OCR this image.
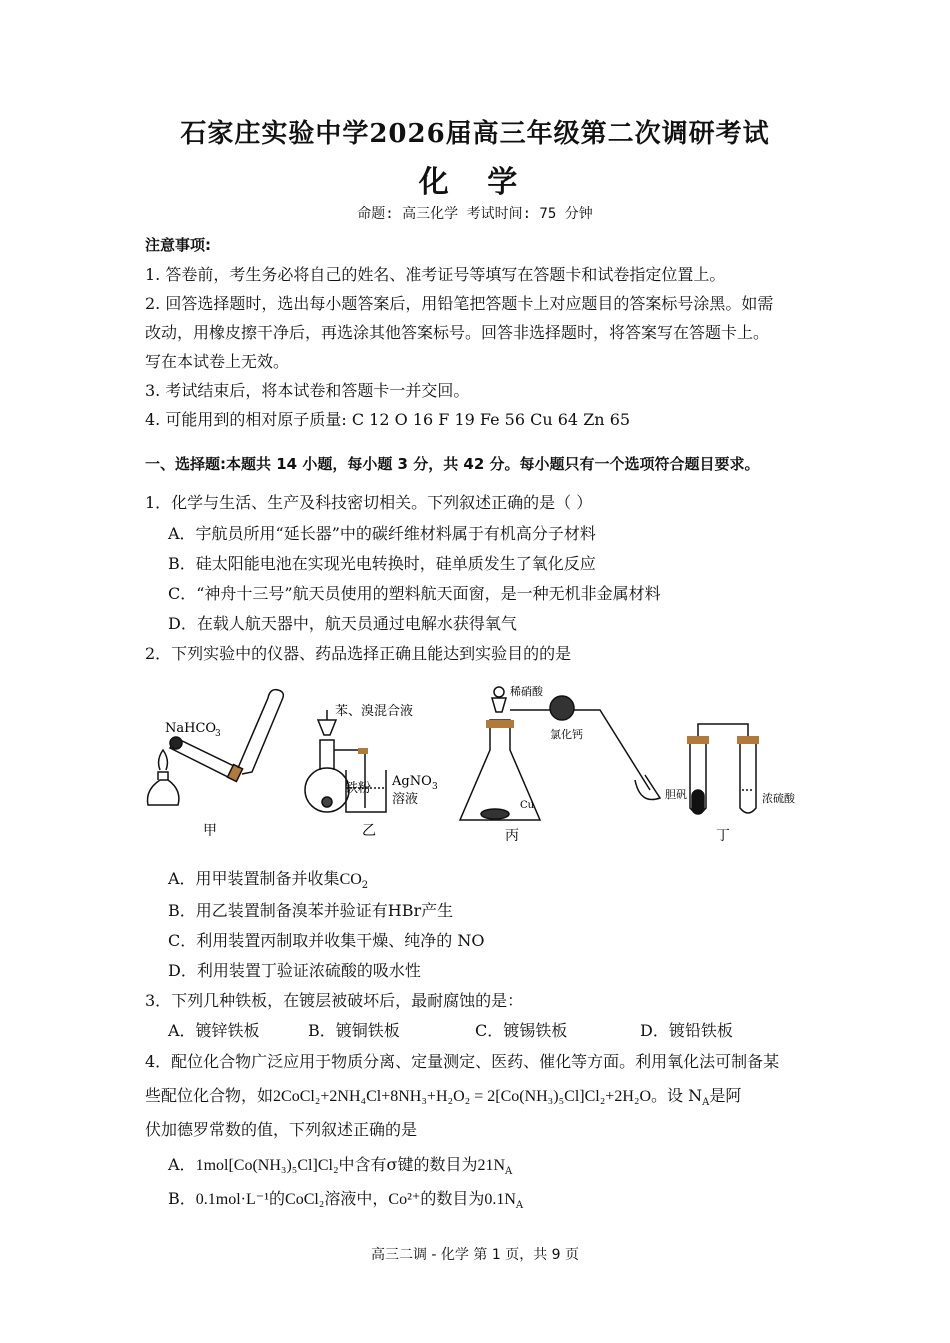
石家庄实验中学2026届高三年级第二次调研考试
化 学
命题: 高三化学 考试时间: 75 分钟
注意事项:
1. 答卷前，考生务必将自己的姓名、准考证号等填写在答题卡和试卷指定位置上。
2. 回答选择题时，选出每小题答案后，用铅笔把答题卡上对应题目的答案标号涂黑。如需
改动，用橡皮擦干净后，再选涂其他答案标号。回答非选择题时，将答案写在答题卡上。
写在本试卷上无效。
3. 考试结束后，将本试卷和答题卡一并交回。
4. 可能用到的相对原子质量: C 12 O 16 F 19 Fe 56 Cu 64 Zn 65
一、选择题:本题共 14 小题，每小题 3 分，共 42 分。每小题只有一个选项符合题目要求。
1．化学与生活、生产及科技密切相关。下列叙述正确的是（ ）
A．宇航员所用“延长器”中的碳纤维材料属于有机高分子材料
B．硅太阳能电池在实现光电转换时，硅单质发生了氧化反应
C．“神舟十三号”航天员使用的塑料航天面窗，是一种无机非金属材料
D．在载人航天器中，航天员通过电解水获得氧气
2．下列实验中的仪器、药品选择正确且能达到实验目的的是
NaHCO
3
甲
苯、溴混合液
铁粉 AgNO 3
溶液
乙
稀硝酸
氯化钙
Cu
丙
胆矾	浓硫酸
丁
A．用甲装置制备并收集$CO_2$
B．用乙装置制备溴苯并验证有HBr产生
C．利用装置丙制取并收集干燥、纯净的 NO
D．利用装置丁验证浓硫酸的吸水性
3．下列几种铁板，在镀层被破坏后，最耐腐蚀的是：
A．镀锌铁板	B．镀铜铁板	C．镀锡铁板	D．镀铅铁板
4．配位化合物广泛应用于物质分离、定量测定、医药、催化等方面。利用氧化法可制备某
些配位化合物，如2CoCl₂+2NH₄Cl+8NH₃+H₂O₂ = 2[Co(NH₃)₅Cl]Cl₂+2H₂O。设 $N_A$是阿
伏加德罗常数的值，下列叙述正确的是
A．1mol[Co(NH₃)₅Cl]Cl₂中含有σ键的数目为$21N_A$
B．0.1mol·L⁻¹的CoCl₂溶液中，Co²⁺的数目为$0.1N_A$
高三二调 - 化学 第 1 页，共 9 页
